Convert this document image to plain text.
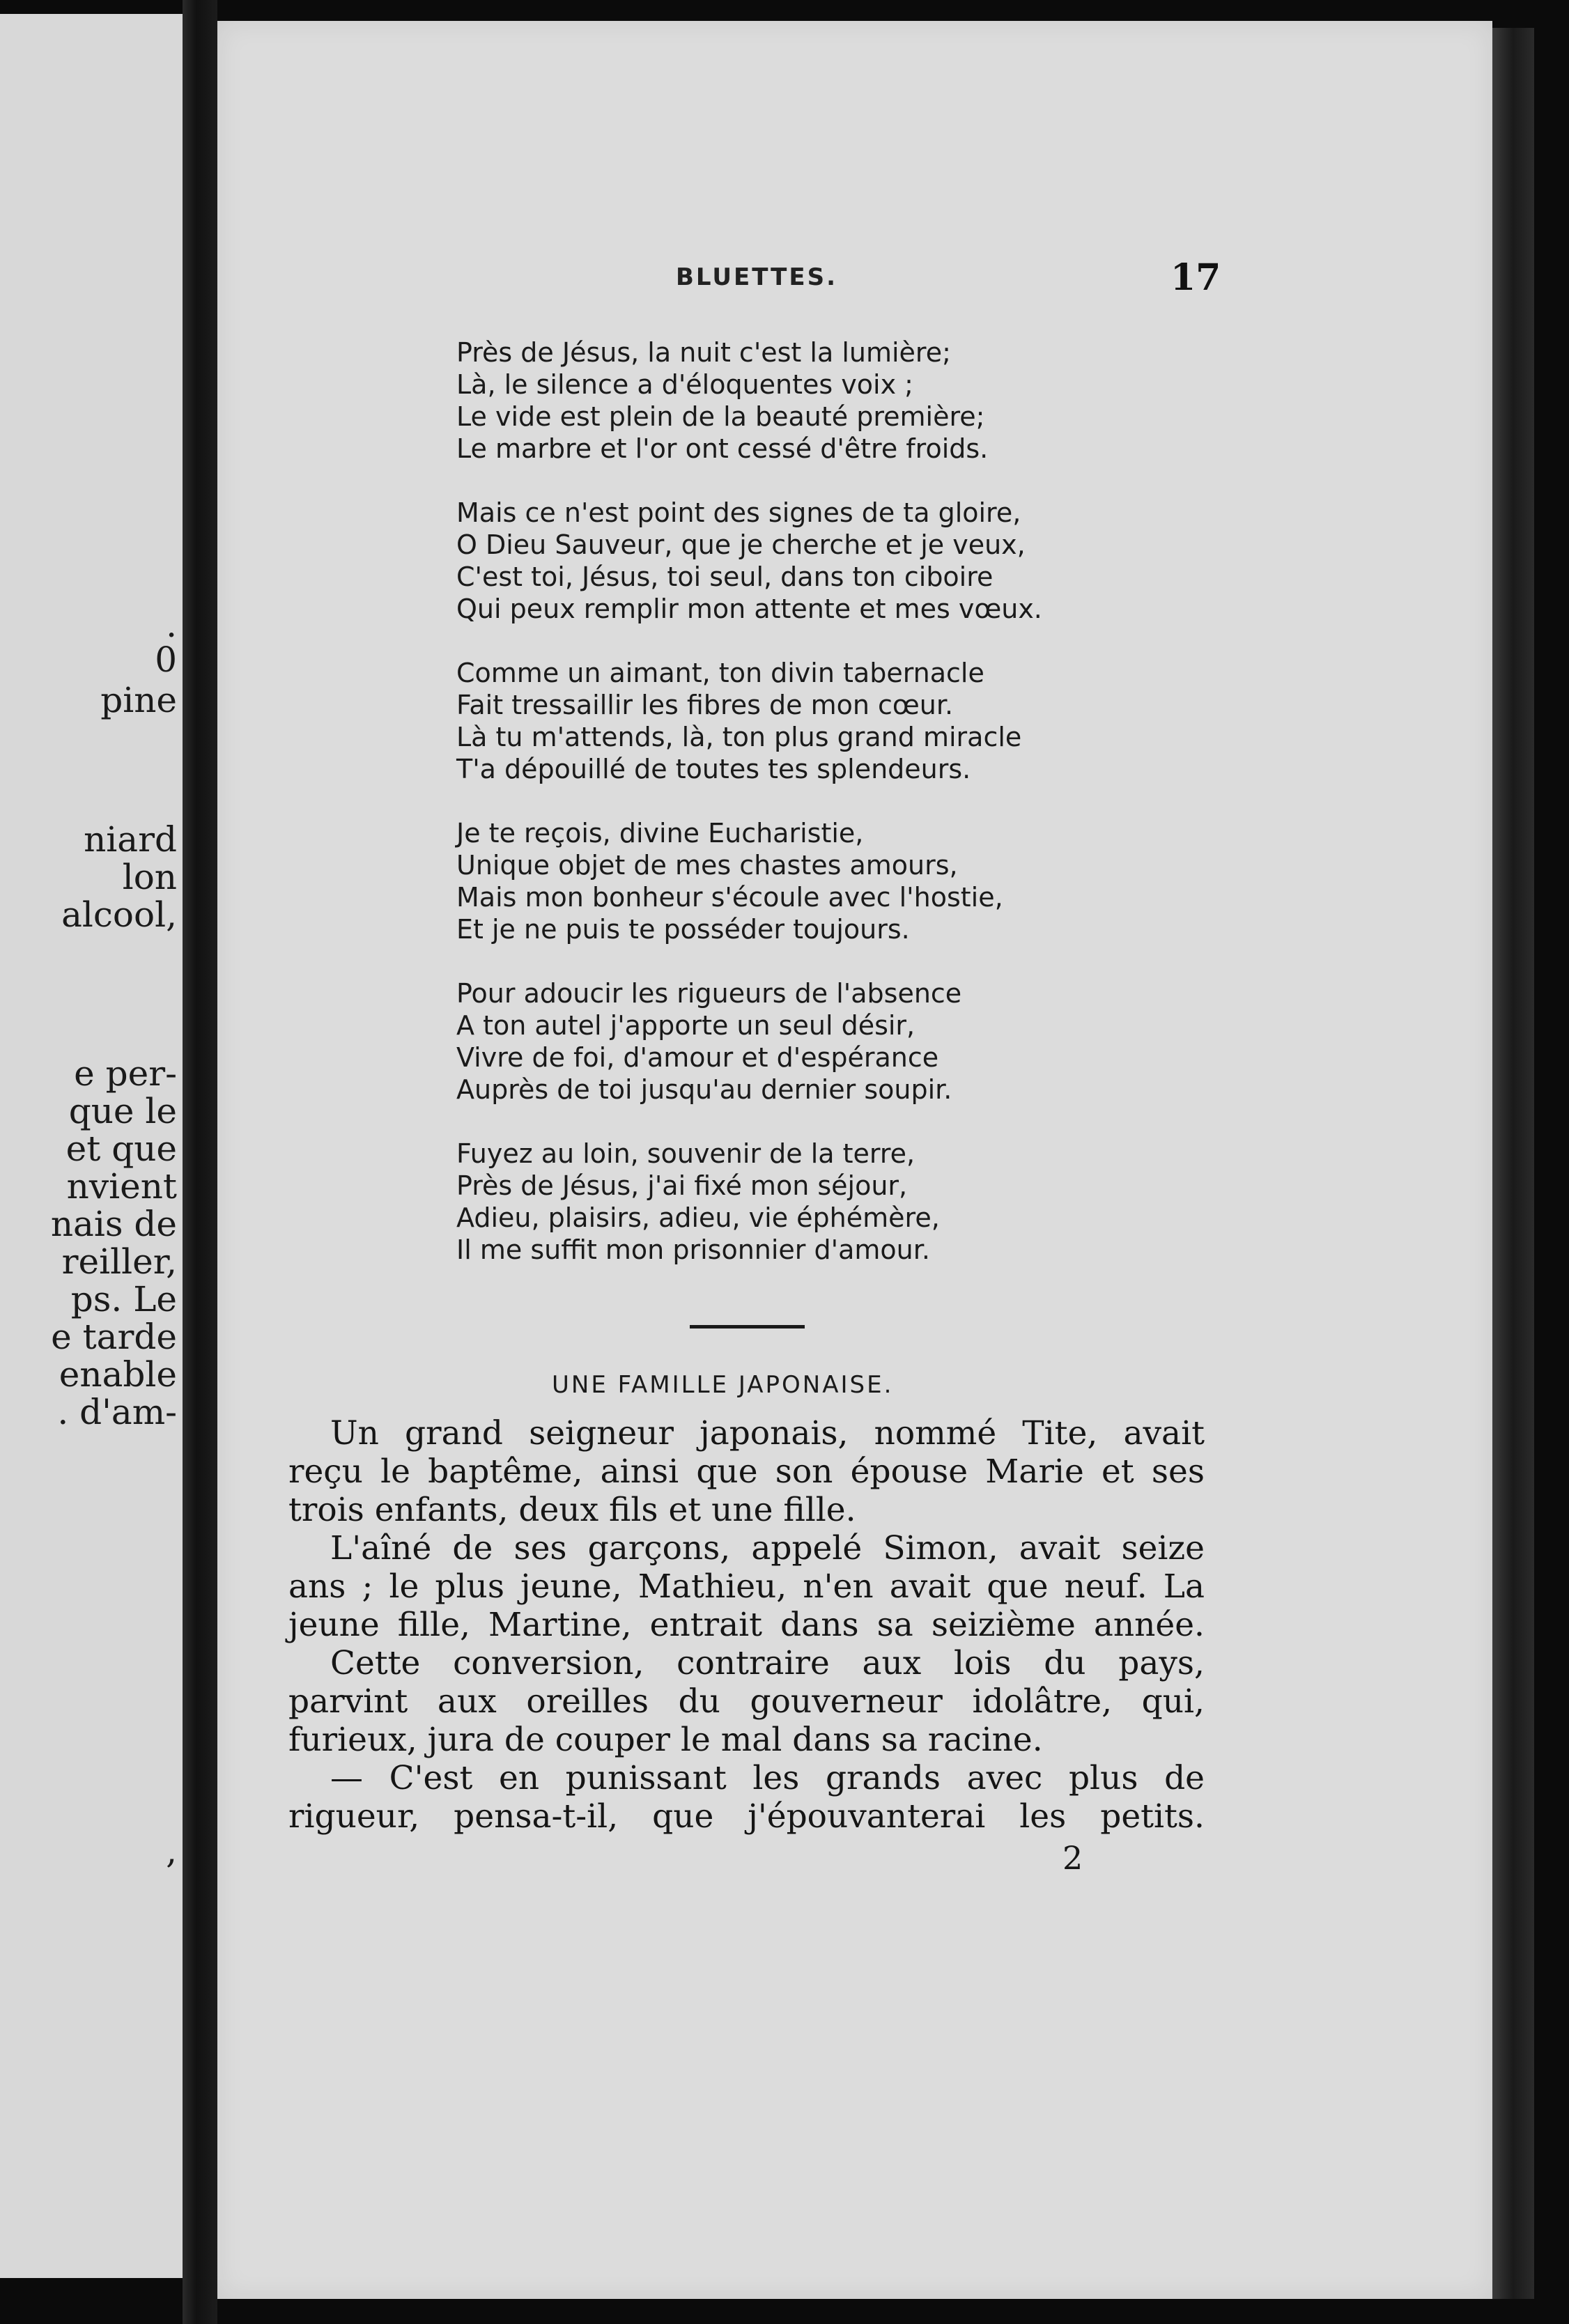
.
0
pine
niard
lon
alcool,
e per-
que le
et que
nvient
nais de
reiller,
ps. Le
e tarde
enable
. d'am-
,
BLUETTES.	17
Près de Jésus, la nuit c'est la lumière;
Là, le silence a d'éloquentes voix ;
Le vide est plein de la beauté première;
Le marbre et l'or ont cessé d'être froids.
Mais ce n'est point des signes de ta gloire,
O Dieu Sauveur, que je cherche et je veux,
C'est toi, Jésus, toi seul, dans ton ciboire
Qui peux remplir mon attente et mes vœux.
Comme un aimant, ton divin tabernacle
Fait tressaillir les fibres de mon cœur.
Là tu m'attends, là, ton plus grand miracle
T'a dépouillé de toutes tes splendeurs.
Je te reçois, divine Eucharistie,
Unique objet de mes chastes amours,
Mais mon bonheur s'écoule avec l'hostie,
Et je ne puis te posséder toujours.
Pour adoucir les rigueurs de l'absence
A ton autel j'apporte un seul désir,
Vivre de foi, d'amour et d'espérance
Auprès de toi jusqu'au dernier soupir.
Fuyez au loin, souvenir de la terre,
Près de Jésus, j'ai fixé mon séjour,
Adieu, plaisirs, adieu, vie éphémère,
Il me suffit mon prisonnier d'amour.
UNE FAMILLE JAPONAISE.
Un grand seigneur japonais, nommé Tite, avait
reçu le baptême, ainsi que son épouse Marie et ses
trois enfants, deux fils et une fille.
L'aîné de ses garçons, appelé Simon, avait seize
ans ; le plus jeune, Mathieu, n'en avait que neuf. La
jeune fille, Martine, entrait dans sa seizième année.
Cette conversion, contraire aux lois du pays,
parvint aux oreilles du gouverneur idolâtre, qui,
furieux, jura de couper le mal dans sa racine.
— C'est en punissant les grands avec plus de
rigueur, pensa-t-il, que j'épouvanterai les petits.
2
